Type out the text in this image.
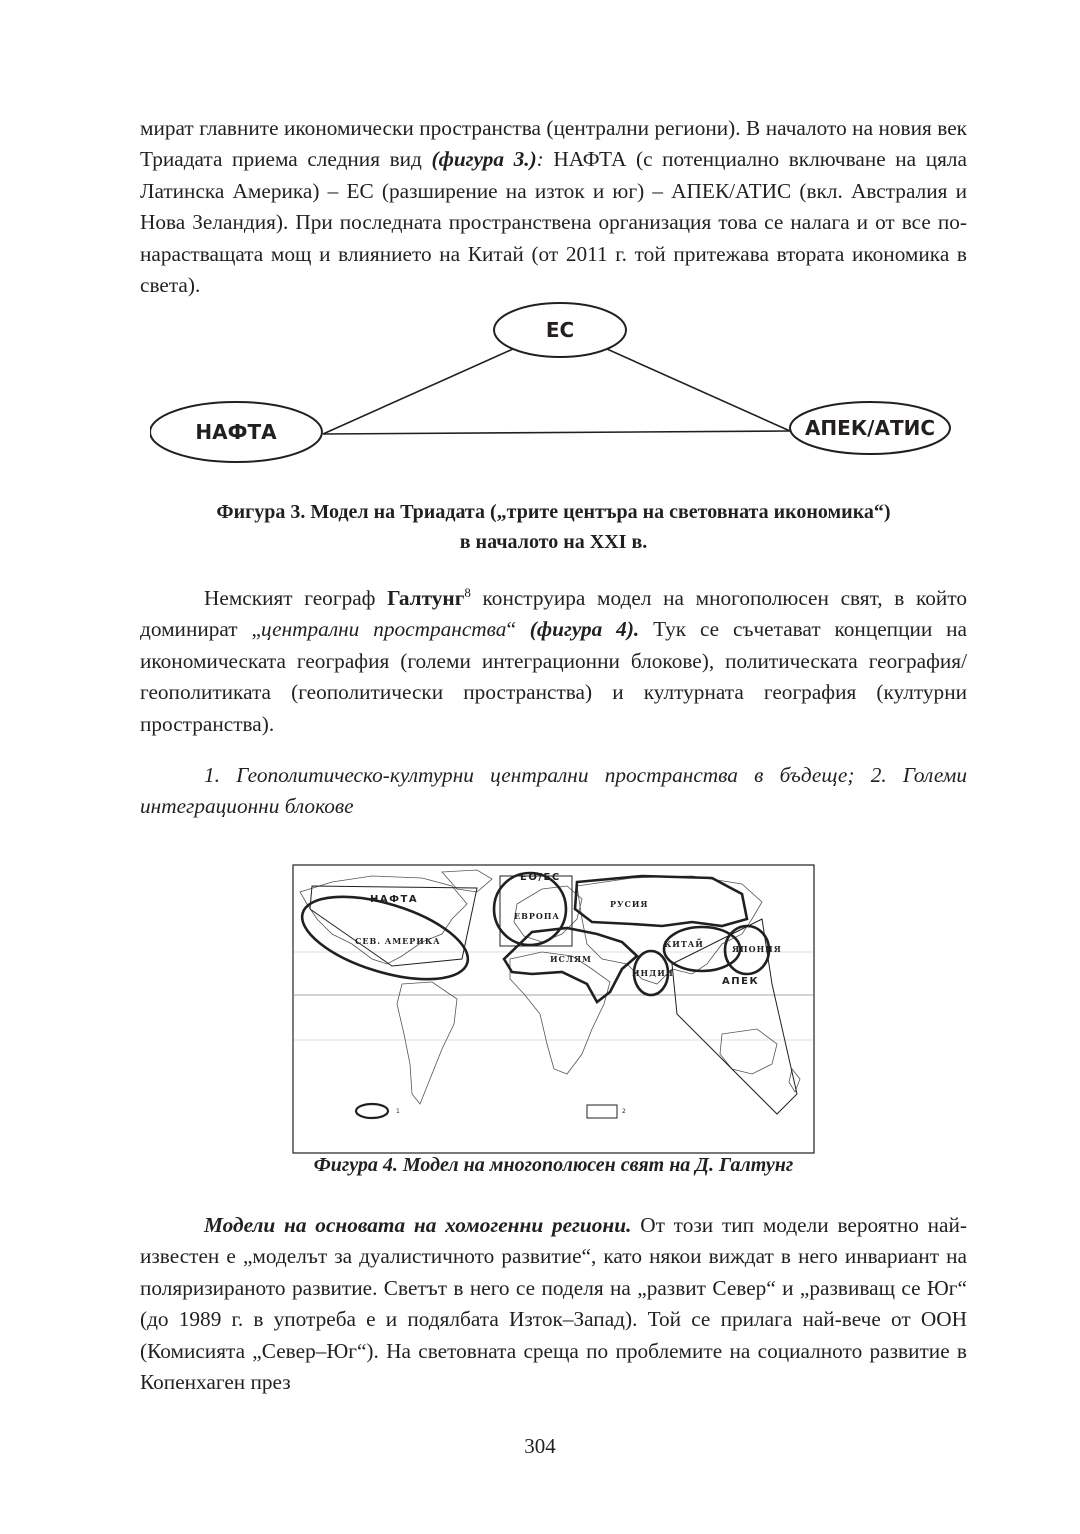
мират главните икономически пространства (централни региони). В началото на новия век Триадата приема следния вид (фигура 3.): НАФТА (с потенциално включване на цяла Латинска Америка) – ЕС (разширение на изток и юг) – АПЕК/АТИС (вкл. Австралия и Нова Зеландия). При последната пространствена организация това се налага и от все по-нарастващата мощ и влиянието на Китай (от 2011 г. той притежава втората икономика в света).

ЕС
НАФТА	АПЕК/АТИС

Фигура 3. Модел на Триадата („трите центъра на световната икономика“)
в началото на XXI в.

Немският географ Галтунг$^8$ конструира модел на многополюсен свят, в който доминират „централни пространства“ (фигура 4). Тук се съчетават концепции на икономическата география (големи интеграционни блокове), политическата география/геополитиката (геополитически пространства) и културната география (културни пространства).

1. Геополитическо-културни централни пространства в бъдеще; 2. Големи интеграционни блокове

НАФТА
СЕВ. АМЕРИКА
ЕО/ЕС
ЕВРОПА
РУСИЯ
ИСЛЯМ
КИТАЙ	ЯПОНИЯ
ИНДИЯ
АПЕК
1	2

Фигура 4. Модел на многополюсен свят на Д. Галтунг

Модели на основата на хомогенни региони. От този тип модели вероятно най-известен е „моделът за дуалистичното развитие“, като някои виждат в него инвариант на поляризираното развитие. Светът в него се поделя на „развит Север“ и „развиващ се Юг“ (до 1989 г. в употреба е и подялбата Изток–Запад). Той се прилага най-вече от ООН (Комисията „Север–Юг“). На световната среща по проблемите на социалното развитие в Копенхаген през

304
